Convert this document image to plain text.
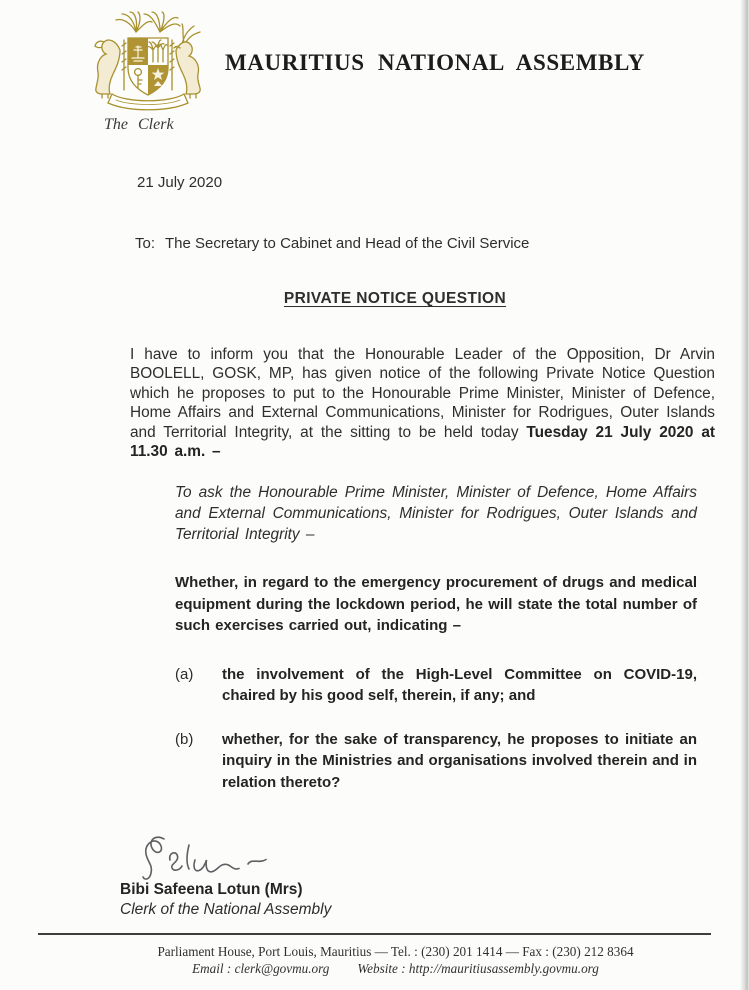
MAURITIUS NATIONAL ASSEMBLY
The Clerk

21 July 2020

To: The Secretary to Cabinet and Head of the Civil Service

PRIVATE NOTICE QUESTION

I have to inform you that the Honourable Leader of the Opposition, Dr Arvin BOOLELL, GOSK, MP, has given notice of the following Private Notice Question which he proposes to put to the Honourable Prime Minister, Minister of Defence, Home Affairs and External Communications, Minister for Rodrigues, Outer Islands and Territorial Integrity, at the sitting to be held today Tuesday 21 July 2020 at 11.30 a.m. –

To ask the Honourable Prime Minister, Minister of Defence, Home Affairs and External Communications, Minister for Rodrigues, Outer Islands and Territorial Integrity –

Whether, in regard to the emergency procurement of drugs and medical equipment during the lockdown period, he will state the total number of such exercises carried out, indicating –

(a)	the involvement of the High-Level Committee on COVID-19, chaired by his good self, therein, if any; and
(b)	whether, for the sake of transparency, he proposes to initiate an inquiry in the Ministries and organisations involved therein and in relation thereto?

Bibi Safeena Lotun (Mrs)

Clerk of the National Assembly

Parliament House, Port Louis, Mauritius — Tel. : (230) 201 1414 — Fax : (230) 212 8364
Email : clerk@govmu.org Website : http://mauritiusassembly.govmu.org
